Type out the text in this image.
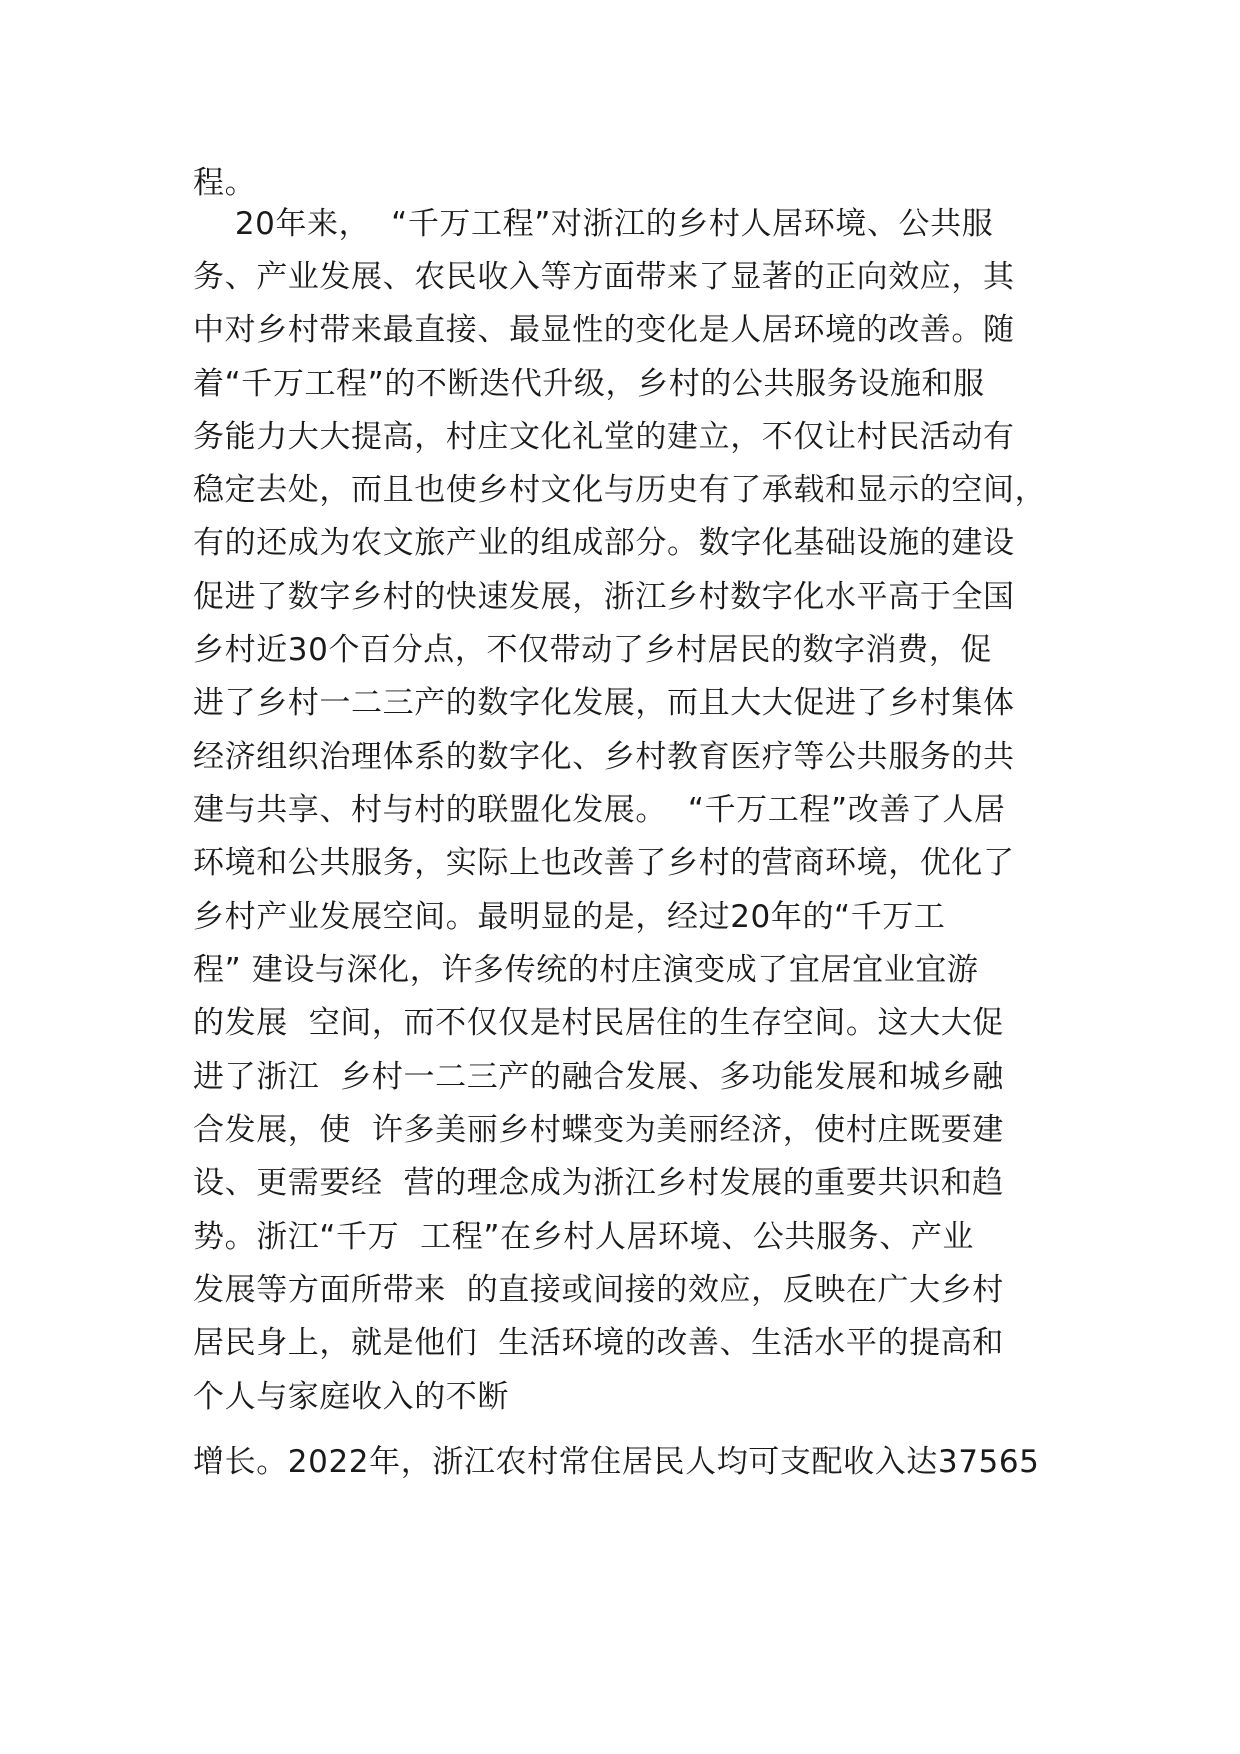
程。
20年来，  “千万工程”对浙江的乡村人居环境、公共服
务、产业发展、农民收入等方面带来了显著的正向效应，其
中对乡村带来最直接、最显性的变化是人居环境的改善。随
着“千万工程”的不断迭代升级，乡村的公共服务设施和服
务能力大大提高，村庄文化礼堂的建立，不仅让村民活动有
稳定去处，而且也使乡村文化与历史有了承载和显示的空间，
有的还成为农文旅产业的组成部分。数字化基础设施的建设
促进了数字乡村的快速发展，浙江乡村数字化水平高于全国
乡村近30个百分点，不仅带动了乡村居民的数字消费，促
进了乡村一二三产的数字化发展，而且大大促进了乡村集体
经济组织治理体系的数字化、乡村教育医疗等公共服务的共
建与共享、村与村的联盟化发展。  “千万工程”改善了人居
环境和公共服务，实际上也改善了乡村的营商环境，优化了
乡村产业发展空间。最明显的是，经过20年的“千万工
程” 建设与深化，许多传统的村庄演变成了宜居宜业宜游
的发展  空间，而不仅仅是村民居住的生存空间。这大大促
进了浙江  乡村一二三产的融合发展、多功能发展和城乡融
合发展，使  许多美丽乡村蝶变为美丽经济，使村庄既要建
设、更需要经  营的理念成为浙江乡村发展的重要共识和趋
势。浙江“千万  工程”在乡村人居环境、公共服务、产业
发展等方面所带来  的直接或间接的效应，反映在广大乡村
居民身上，就是他们  生活环境的改善、生活水平的提高和
个人与家庭收入的不断
增长。2022年，浙江农村常住居民人均可支配收入达37565
